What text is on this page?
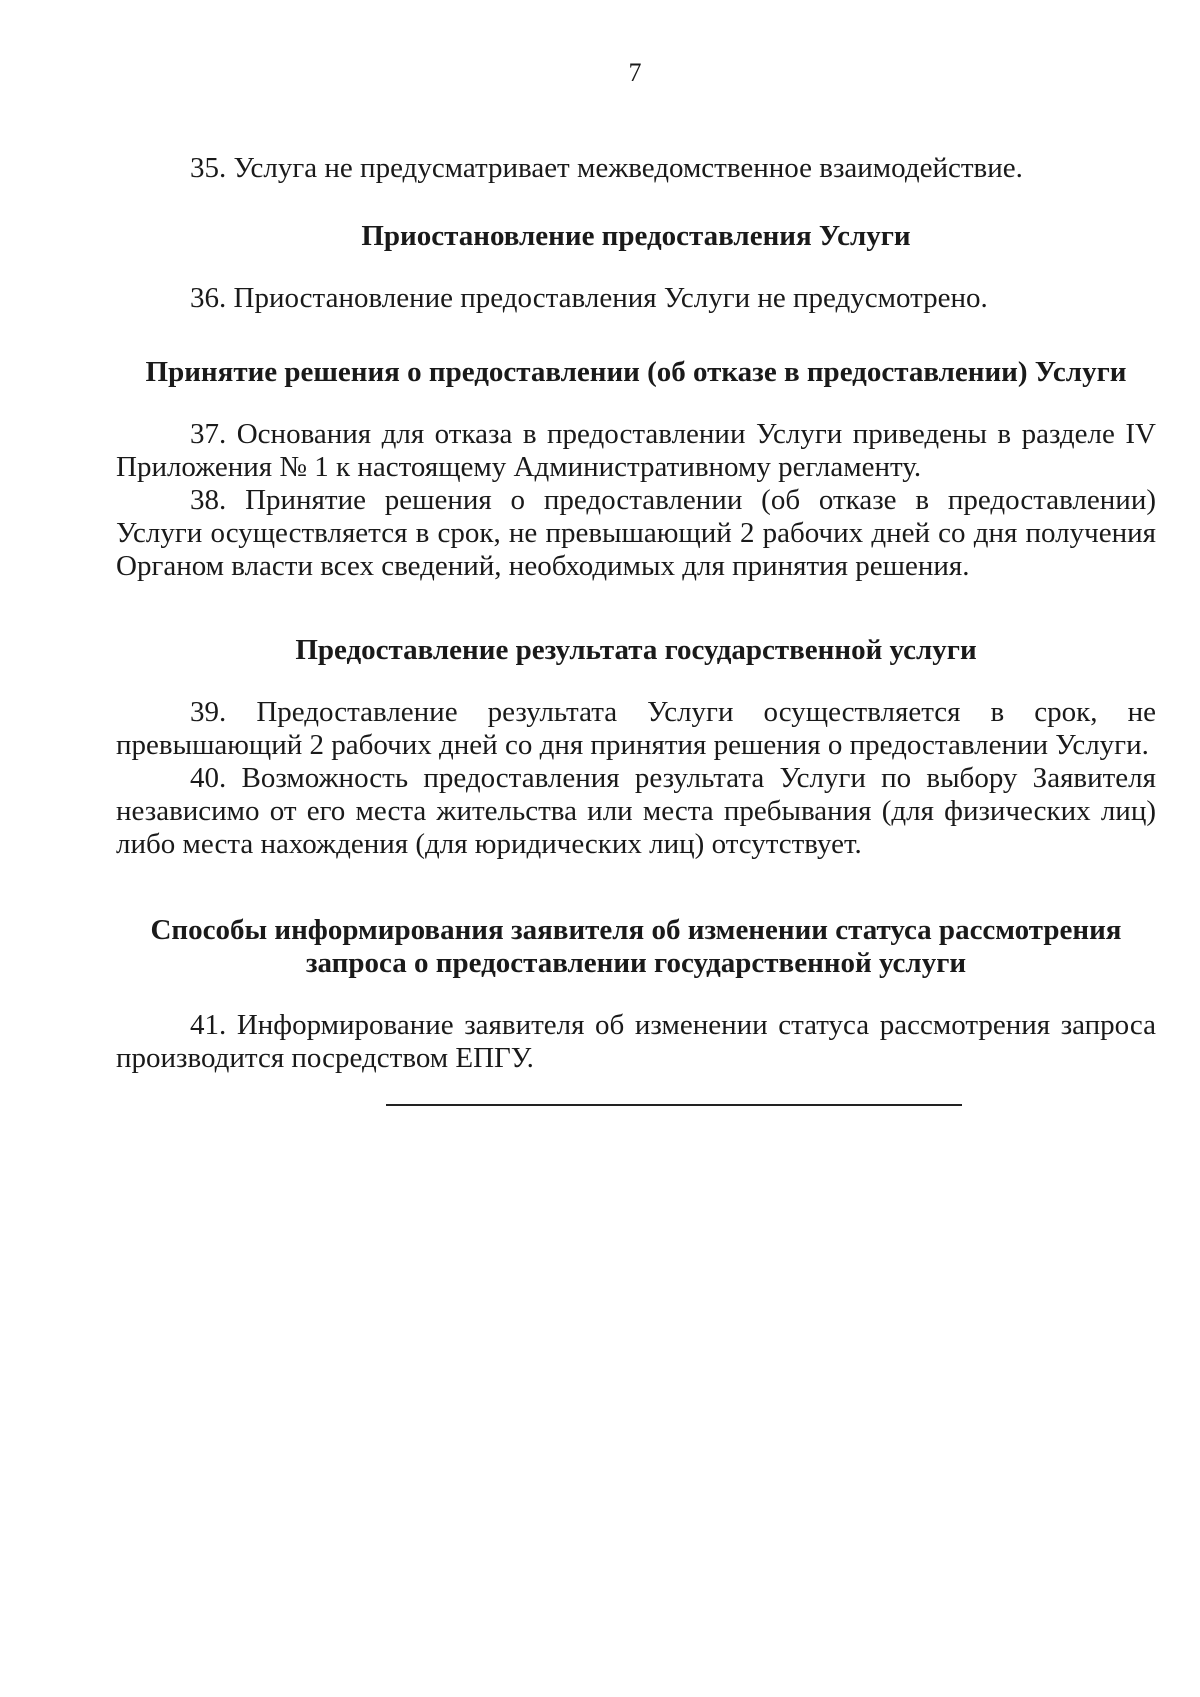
7

35. Услуга не предусматривает межведомственное взаимодействие.

Приостановление предоставления Услуги

36. Приостановление предоставления Услуги не предусмотрено.

Принятие решения о предоставлении (об отказе в предоставлении) Услуги

37. Основания для отказа в предоставлении Услуги приведены в разделе IV Приложения № 1 к настоящему Административному регламенту.

38. Принятие решения о предоставлении (об отказе в предоставлении) Услуги осуществляется в срок, не превышающий 2 рабочих дней со дня получения Органом власти всех сведений, необходимых для принятия решения.

Предоставление результата государственной услуги

39. Предоставление результата Услуги осуществляется в срок, не превышающий 2 рабочих дней со дня принятия решения о предоставлении Услуги.

40. Возможность предоставления результата Услуги по выбору Заявителя независимо от его места жительства или места пребывания (для физических лиц) либо места нахождения (для юридических лиц) отсутствует.

Способы информирования заявителя об изменении статуса рассмотрения
запроса о предоставлении государственной услуги

41. Информирование заявителя об изменении статуса рассмотрения запроса производится посредством ЕПГУ.
